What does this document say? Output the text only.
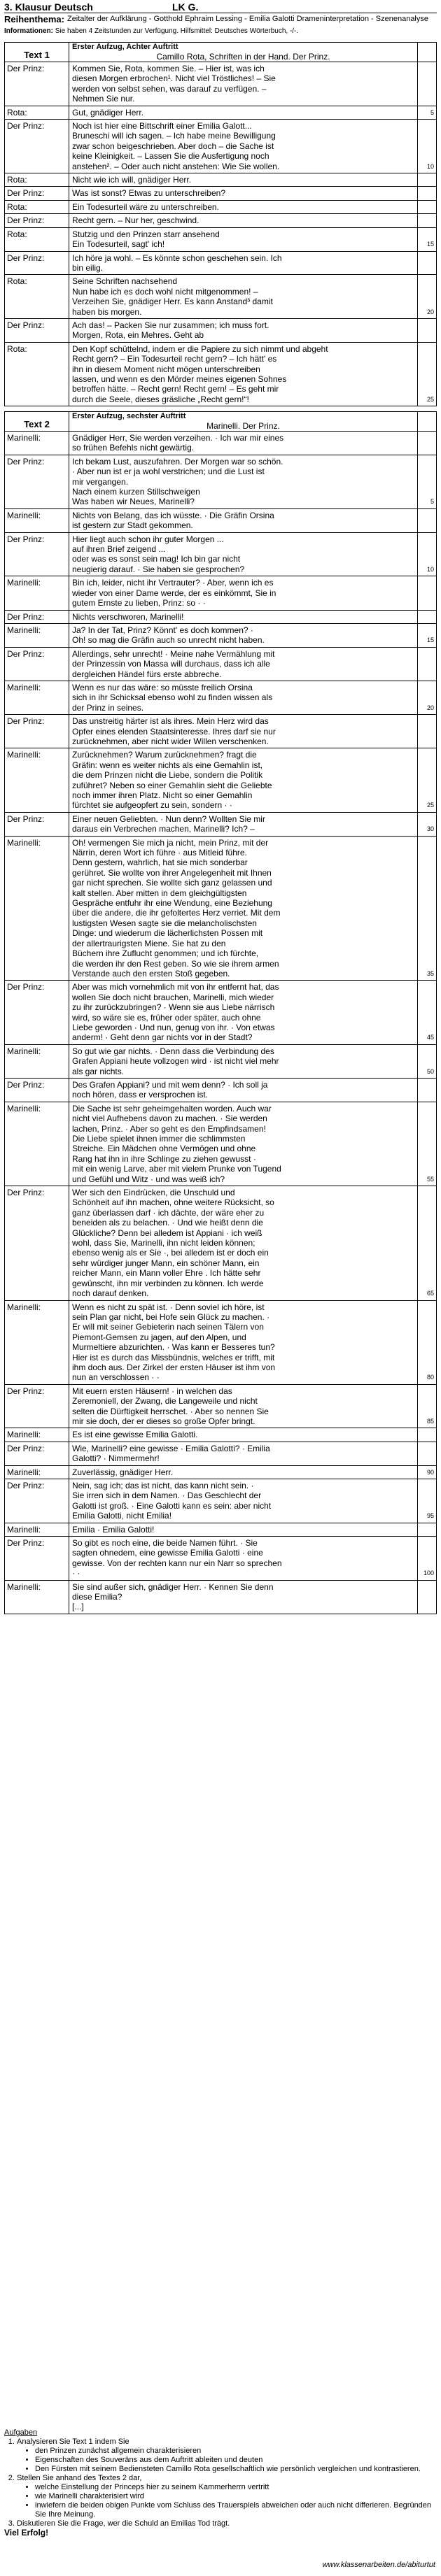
3. Klausur Deutsch	LK G.
Reihenthema: Zeitalter der Aufklärung - Gotthold Ephraim Lessing - Emilia Galotti Drameninterpretation - Szenenanalyse
Informationen: Sie haben 4 Zeitstunden zur Verfügung. Hilfsmittel: Deutsches Wörterbuch, -/-.
Text 1
Erster Aufzug, Achter Auftritt
Camillo Rota, Schriften in der Hand. Der Prinz.
Der Prinz:	Kommen Sie, Rota, kommen Sie. – Hier ist, was ich
diesen Morgen erbrochen¹. Nicht viel Tröstliches! – Sie
werden von selbst sehen, was darauf zu verfügen. –
Nehmen Sie nur.
Rota:	Gut, gnädiger Herr.	5
Der Prinz:	Noch ist hier eine Bittschrift einer Emilia Galott...
Bruneschi will ich sagen. – Ich habe meine Bewilligung
zwar schon beigeschrieben. Aber doch – die Sache ist
keine Kleinigkeit. – Lassen Sie die Ausfertigung noch
anstehen². – Oder auch nicht anstehen: Wie Sie wollen.	10
Rota:	Nicht wie ich will, gnädiger Herr.
Der Prinz:	Was ist sonst? Etwas zu unterschreiben?
Rota:	Ein Todesurteil wäre zu unterschreiben.
Der Prinz:	Recht gern. – Nur her, geschwind.
Rota:	Stutzig und den Prinzen starr ansehend
Ein Todesurteil, sagt' ich!	15
Der Prinz:	Ich höre ja wohl. – Es könnte schon geschehen sein. Ich
bin eilig.
Rota:	Seine Schriften nachsehend
Nun habe ich es doch wohl nicht mitgenommen! –
Verzeihen Sie, gnädiger Herr. Es kann Anstand³ damit
haben bis morgen.	20
Der Prinz:	Ach das! – Packen Sie nur zusammen; ich muss fort.
Morgen, Rota, ein Mehres. Geht ab
Rota:	Den Kopf schüttelnd, indem er die Papiere zu sich nimmt und abgeht
Recht gern? – Ein Todesurteil recht gern? – Ich hätt' es
ihn in diesem Moment nicht mögen unterschreiben
lassen, und wenn es den Mörder meines eigenen Sohnes
betroffen hätte. – Recht gern! Recht gern! – Es geht mir
durch die Seele, dieses gräsliche „Recht gern!“!	25
Text 2
Erster Aufzug, sechster Auftritt
Marinelli. Der Prinz.
Marinelli:	Gnädiger Herr, Sie werden verzeihen. · Ich war mir eines
so frühen Befehls nicht gewärtig.
Der Prinz:	Ich bekam Lust, auszufahren. Der Morgen war so schön.
· Aber nun ist er ja wohl verstrichen; und die Lust ist
mir vergangen.
Nach einem kurzen Stillschweigen
Was haben wir Neues, Marinelli?	5
Marinelli:	Nichts von Belang, das ich wüsste. · Die Gräfin Orsina
ist gestern zur Stadt gekommen.
Der Prinz:	Hier liegt auch schon ihr guter Morgen ...
auf ihren Brief zeigend ...
oder was es sonst sein mag! Ich bin gar nicht
neugierig darauf. · Sie haben sie gesprochen?	10
Marinelli:	Bin ich, leider, nicht ihr Vertrauter? · Aber, wenn ich es
wieder von einer Dame werde, der es einkömmt, Sie in
gutem Ernste zu lieben, Prinz: so · ·
Der Prinz:	Nichts verschworen, Marinelli!
Marinelli:	Ja? In der Tat, Prinz? Könnt' es doch kommen? ·
Oh! so mag die Gräfin auch so unrecht nicht haben.	15
Der Prinz:	Allerdings, sehr unrecht! · Meine nahe Vermählung mit
der Prinzessin von Massa will durchaus, dass ich alle
dergleichen Händel fürs erste abbreche.
Marinelli:	Wenn es nur das wäre: so müsste freilich Orsina
sich in ihr Schicksal ebenso wohl zu finden wissen als
der Prinz in seines.	20
Der Prinz:	Das unstreitig härter ist als ihres. Mein Herz wird das
Opfer eines elenden Staatsinteresse. Ihres darf sie nur
zurücknehmen, aber nicht wider Willen verschenken.
Marinelli:	Zurücknehmen? Warum zurücknehmen? fragt die
Gräfin: wenn es weiter nichts als eine Gemahlin ist,
die dem Prinzen nicht die Liebe, sondern die Politik
zuführet? Neben so einer Gemahlin sieht die Geliebte
noch immer ihren Platz. Nicht so einer Gemahlin
fürchtet sie aufgeopfert zu sein, sondern · ·	25
Der Prinz:	Einer neuen Geliebten. · Nun denn? Wollten Sie mir
daraus ein Verbrechen machen, Marinelli? Ich? –	30
Marinelli:	Oh! vermengen Sie mich ja nicht, mein Prinz, mit der
Närrin, deren Wort ich führe · aus Mitleid führe.
Denn gestern, wahrlich, hat sie mich sonderbar
gerühret. Sie wollte von ihrer Angelegenheit mit Ihnen
gar nicht sprechen. Sie wollte sich ganz gelassen und
kalt stellen. Aber mitten in dem gleichgültigsten
Gespräche entfuhr ihr eine Wendung, eine Beziehung
über die andere, die ihr gefoltertes Herz verriet. Mit dem
lustigsten Wesen sagte sie die melancholischsten
Dinge: und wiederum die lächerlichsten Possen mit
der allertraurigsten Miene. Sie hat zu den
Büchern ihre Zuflucht genommen; und ich fürchte,
die werden ihr den Rest geben. So wie sie ihrem armen
Verstande auch den ersten Stoß gegeben.	35
Der Prinz:	Aber was mich vornehmlich mit von ihr entfernt hat, das
wollen Sie doch nicht brauchen, Marinelli, mich wieder
zu ihr zurückzubringen? · Wenn sie aus Liebe närrisch
wird, so wäre sie es, früher oder später, auch ohne
Liebe geworden · Und nun, genug von ihr. · Von etwas
anderm! · Geht denn gar nichts vor in der Stadt?	45
Marinelli:	So gut wie gar nichts. · Denn dass die Verbindung des
Grafen Appiani heute vollzogen wird · ist nicht viel mehr
als gar nichts.	50
Der Prinz:	Des Grafen Appiani? und mit wem denn? · Ich soll ja
noch hören, dass er versprochen ist.
Marinelli:	Die Sache ist sehr geheimgehalten worden. Auch war
nicht viel Aufhebens davon zu machen. · Sie werden
lachen, Prinz. · Aber so geht es den Empfindsamen!
Die Liebe spielet ihnen immer die schlimmsten
Streiche. Ein Mädchen ohne Vermögen und ohne
Rang hat ihn in ihre Schlinge zu ziehen gewusst ·
mit ein wenig Larve, aber mit vielem Prunke von Tugend
und Gefühl und Witz · und was weiß ich?	55
Der Prinz:	Wer sich den Eindrücken, die Unschuld und
Schönheit auf ihn machen, ohne weitere Rücksicht, so
ganz überlassen darf · ich dächte, der wäre eher zu
beneiden als zu belachen. · Und wie heißt denn die
Glückliche? Denn bei alledem ist Appiani · ich weiß
wohl, dass Sie, Marinelli, ihn nicht leiden können;
ebenso wenig als er Sie ·, bei alledem ist er doch ein
sehr würdiger junger Mann, ein schöner Mann, ein
reicher Mann, ein Mann voller Ehre . Ich hätte sehr
gewünscht, ihn mir verbinden zu können. Ich werde
noch darauf denken.	65
Marinelli:	Wenn es nicht zu spät ist. · Denn soviel ich höre, ist
sein Plan gar nicht, bei Hofe sein Glück zu machen. ·
Er will mit seiner Gebieterin nach seinen Tälern von
Piemont-Gemsen zu jagen, auf den Alpen, und
Murmeltiere abzurichten. · Was kann er Besseres tun?
Hier ist es durch das Missbündnis, welches er trifft, mit
ihm doch aus. Der Zirkel der ersten Häuser ist ihm von
nun an verschlossen · ·	80
Der Prinz:	Mit euern ersten Häusern! · in welchen das
Zeremoniell, der Zwang, die Langeweile und nicht
selten die Dürftigkeit herrschet. · Aber so nennen Sie
mir sie doch, der er dieses so große Opfer bringt.	85
Marinelli:	Es ist eine gewisse Emilia Galotti.
Der Prinz:	Wie, Marinelli? eine gewisse · Emilia Galotti? · Emilia
Galotti? · Nimmermehr!
Marinelli:	Zuverlässig, gnädiger Herr.	90
Der Prinz:	Nein, sag ich; das ist nicht, das kann nicht sein. ·
Sie irren sich in dem Namen. · Das Geschlecht der
Galotti ist groß. · Eine Galotti kann es sein: aber nicht
Emilia Galotti, nicht Emilia!	95
Marinelli:	Emilia · Emilia Galotti!
Der Prinz:	So gibt es noch eine, die beide Namen führt. · Sie
sagten ohnedem, eine gewisse Emilia Galotti · eine
gewisse. Von der rechten kann nur ein Narr so sprechen
· ·	100
Marinelli:	Sie sind außer sich, gnädiger Herr. · Kennen Sie denn
diese Emilia?
[...]
Aufgaben
1. Analysieren Sie Text 1 indem Sie
• den Prinzen zunächst allgemein charakterisieren
• Eigenschaften des Souveräns aus dem Auftritt ableiten und deuten
• Den Fürsten mit seinem Bediensteten Camillo Rota gesellschaftlich wie persönlich vergleichen und kontrastieren.
2. Stellen Sie anhand des Textes 2 dar,
• welche Einstellung der Princeps hier zu seinem Kammerherrn vertritt
• wie Marinelli charakterisiert wird
• inwiefern die beiden obigen Punkte vom Schluss des Trauerspiels abweichen oder auch nicht differieren. Begründen Sie Ihre Meinung.
3. Diskutieren Sie die Frage, wer die Schuld an Emilias Tod trägt.
Viel Erfolg!
www.klassenarbeiten.de/abiturtut
